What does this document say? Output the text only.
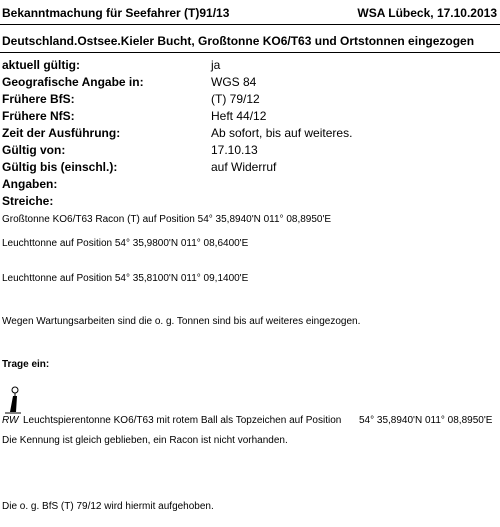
Bekanntmachung für Seefahrer (T)91/13	WSA Lübeck, 17.10.2013
Deutschland.Ostsee.Kieler Bucht, Großtonne KO6/T63 und Ortstonnen eingezogen
aktuell gültig:	ja
Geografische Angabe in:	WGS 84
Frühere BfS:	(T) 79/12
Frühere NfS:	Heft 44/12
Zeit der Ausführung:	Ab sofort, bis auf weiteres.
Gültig von:	17.10.13
Gültig bis (einschl.):	auf Widerruf
Angaben:
Streiche:
Großtonne KO6/T63 Racon (T) auf Position 54° 35,8940'N 011° 08,8950'E
Leuchttonne auf Position 54° 35,9800'N 011° 08,6400'E
Leuchttonne auf Position 54° 35,8100'N 011° 09,1400'E
Wegen Wartungsarbeiten sind die o. g. Tonnen sind bis auf weiteres eingezogen.
Trage ein:
RW Leuchtspierentonne KO6/T63 mit rotem Ball als Topzeichen auf Position 54° 35,8940'N 011° 08,8950'E
Die Kennung ist gleich geblieben, ein Racon ist nicht vorhanden.
Die o. g. BfS (T) 79/12 wird hiermit aufgehoben.
